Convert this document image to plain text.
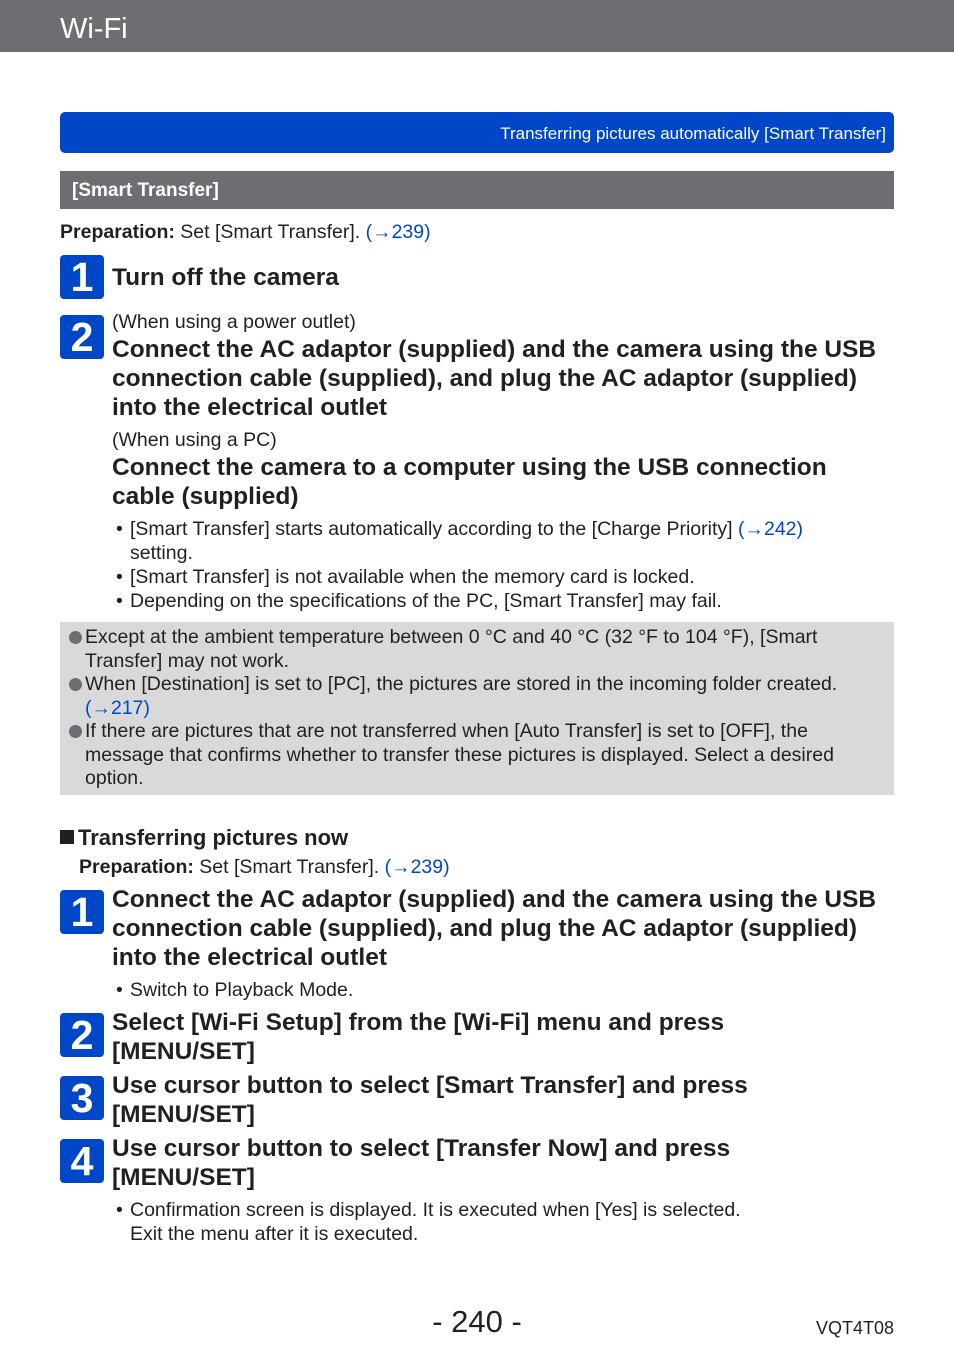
Wi-Fi
Transferring pictures automatically [Smart Transfer]
[Smart Transfer]
Preparation: Set [Smart Transfer]. (→239)
1 Turn off the camera
2 (When using a power outlet)
Connect the AC adaptor (supplied) and the camera using the USB connection cable (supplied), and plug the AC adaptor (supplied) into the electrical outlet
(When using a PC)
Connect the camera to a computer using the USB connection cable (supplied)
• [Smart Transfer] starts automatically according to the [Charge Priority] (→242)
setting.
• [Smart Transfer] is not available when the memory card is locked.
• Depending on the specifications of the PC, [Smart Transfer] may fail.
Except at the ambient temperature between 0 °C and 40 °C (32 °F to 104 °F), [Smart Transfer] may not work.
When [Destination] is set to [PC], the pictures are stored in the incoming folder created. (→217)
If there are pictures that are not transferred when [Auto Transfer] is set to [OFF], the message that confirms whether to transfer these pictures is displayed. Select a desired option.
Transferring pictures now
Preparation: Set [Smart Transfer]. (→239)
1 Connect the AC adaptor (supplied) and the camera using the USB connection cable (supplied), and plug the AC adaptor (supplied) into the electrical outlet
• Switch to Playback Mode.
2 Select [Wi-Fi Setup] from the [Wi-Fi] menu and press [MENU/SET]
3 Use cursor button to select [Smart Transfer] and press [MENU/SET]
4 Use cursor button to select [Transfer Now] and press [MENU/SET]
• Confirmation screen is displayed. It is executed when [Yes] is selected.
Exit the menu after it is executed.
- 240 -	VQT4T08
